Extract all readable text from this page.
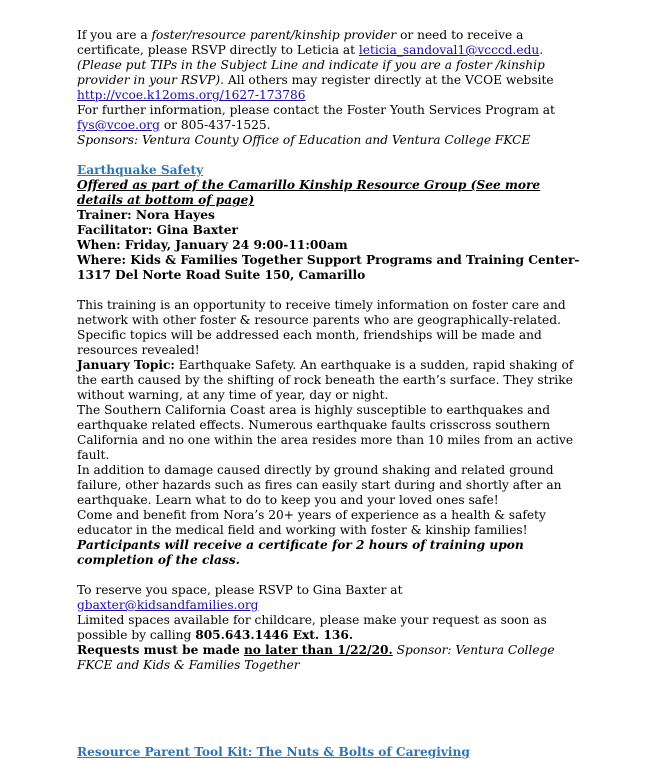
If you are a foster/resource parent/kinship provider or need to receive a certificate, please RSVP directly to Leticia at leticia_sandoval1@vcccd.edu. (Please put TIPs in the Subject Line and indicate if you are a foster /kinship provider in your RSVP). All others may register directly at the VCOE website http://vcoe.k12oms.org/1627-173786

For further information, please contact the Foster Youth Services Program at fys@vcoe.org or 805-437-1525.

Sponsors: Ventura County Office of Education and Ventura College FKCE

Earthquake Safety

Offered as part of the Camarillo Kinship Resource Group (See more details at bottom of page)

Trainer: Nora Hayes

Facilitator: Gina Baxter

When: Friday, January 24 9:00-11:00am

Where: Kids & Families Together Support Programs and Training Center- 1317 Del Norte Road Suite 150, Camarillo

This training is an opportunity to receive timely information on foster care and network with other foster & resource parents who are geographically-related. Specific topics will be addressed each month, friendships will be made and resources revealed!

January Topic: Earthquake Safety. An earthquake is a sudden, rapid shaking of the earth caused by the shifting of rock beneath the earth’s surface. They strike without warning, at any time of year, day or night.

The Southern California Coast area is highly susceptible to earthquakes and earthquake related effects. Numerous earthquake faults crisscross southern California and no one within the area resides more than 10 miles from an active fault.

In addition to damage caused directly by ground shaking and related ground failure, other hazards such as fires can easily start during and shortly after an earthquake. Learn what to do to keep you and your loved ones safe!

Come and benefit from Nora’s 20+ years of experience as a health & safety educator in the medical field and working with foster & kinship families!

Participants will receive a certificate for 2 hours of training upon completion of the class.

To reserve you space, please RSVP to Gina Baxter at gbaxter@kidsandfamilies.org

Limited spaces available for childcare, please make your request as soon as possible by calling 805.643.1446 Ext. 136.

Requests must be made no later than 1/22/20. Sponsor: Ventura College FKCE and Kids & Families Together

Resource Parent Tool Kit: The Nuts & Bolts of Caregiving
